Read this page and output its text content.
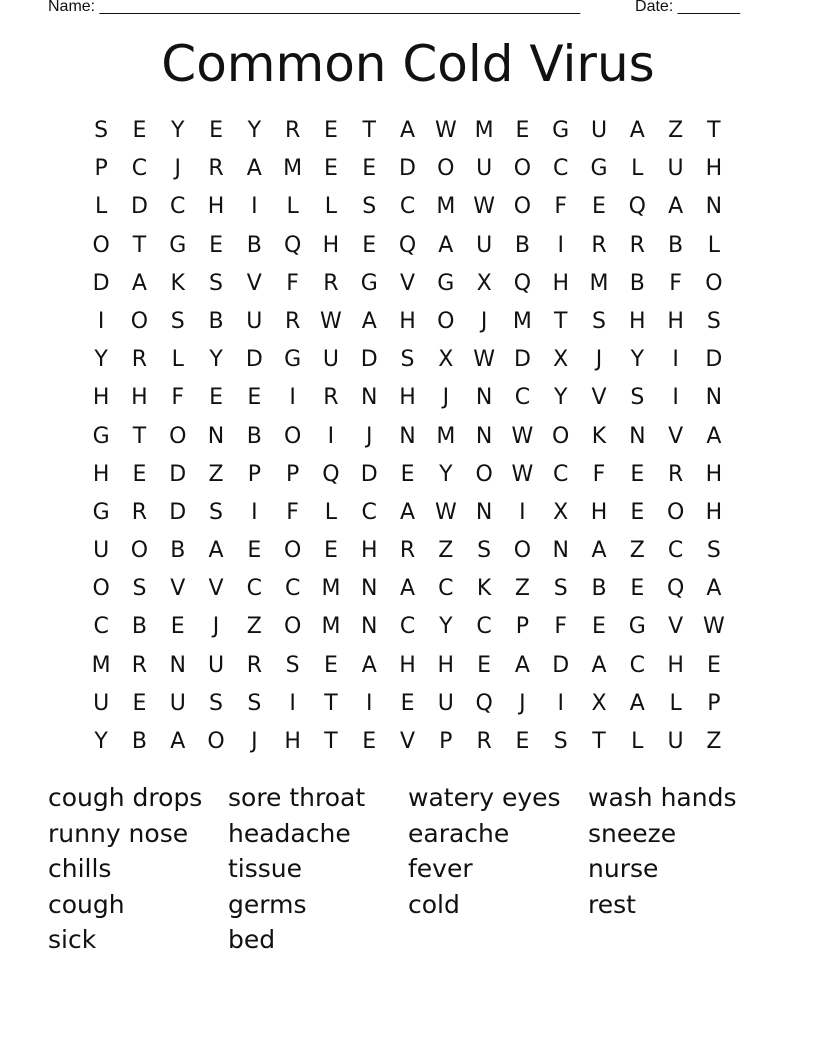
Name: ______________________________________________________	Date: _______
Common Cold Virus
S	E	Y	E	Y	R	E	T	A W M E	G U	A	Z	T
P	C	J	R	A M E	E	D O U O C	G	L	U H
L	D	C	H	I	L	L	S	C M W O	F	E	Q	A	N
O	T	G	E	B	Q H	E	Q	A	U	B	I	R	R	B	L
D	A	K	S	V	F	R	G	V	G	X	Q H M B	F	O
I	O	S	B	U	R W A	H O	J	M	T	S	H H	S
Y	R	L	Y	D G U D	S	X W D	X	J	Y	I	D
H H	F	E	E	I	R	N H	J	N	C	Y	V	S	I	N
G	T	O N	B	O	I	J	N M N W O	K	N	V	A
H	E	D	Z	P	P	Q D	E	Y	O W C	F	E	R	H
G	R	D	S	I	F	L	C	A W N	I	X	H	E	O H
U O	B	A	E	O	E	H	R	Z	S	O N	A	Z	C	S
O	S	V	V	C	C M N	A	C	K	Z	S	B	E	Q	A
C	B	E	J	Z	O M N	C	Y	C	P	F	E	G	V W
M R	N	U	R	S	E	A	H H	E	A	D	A	C	H	E
U	E	U	S	S	I	T	I	E	U Q	J	I	X	A	L	P
Y	B	A	O	J	H	T	E	V	P	R	E	S	T	L	U	Z
cough drops	sore throat	watery eyes	wash hands
runny nose	headache	earache	sneeze
chills	tissue	fever	nurse
cough	germs	cold	rest
sick	bed
